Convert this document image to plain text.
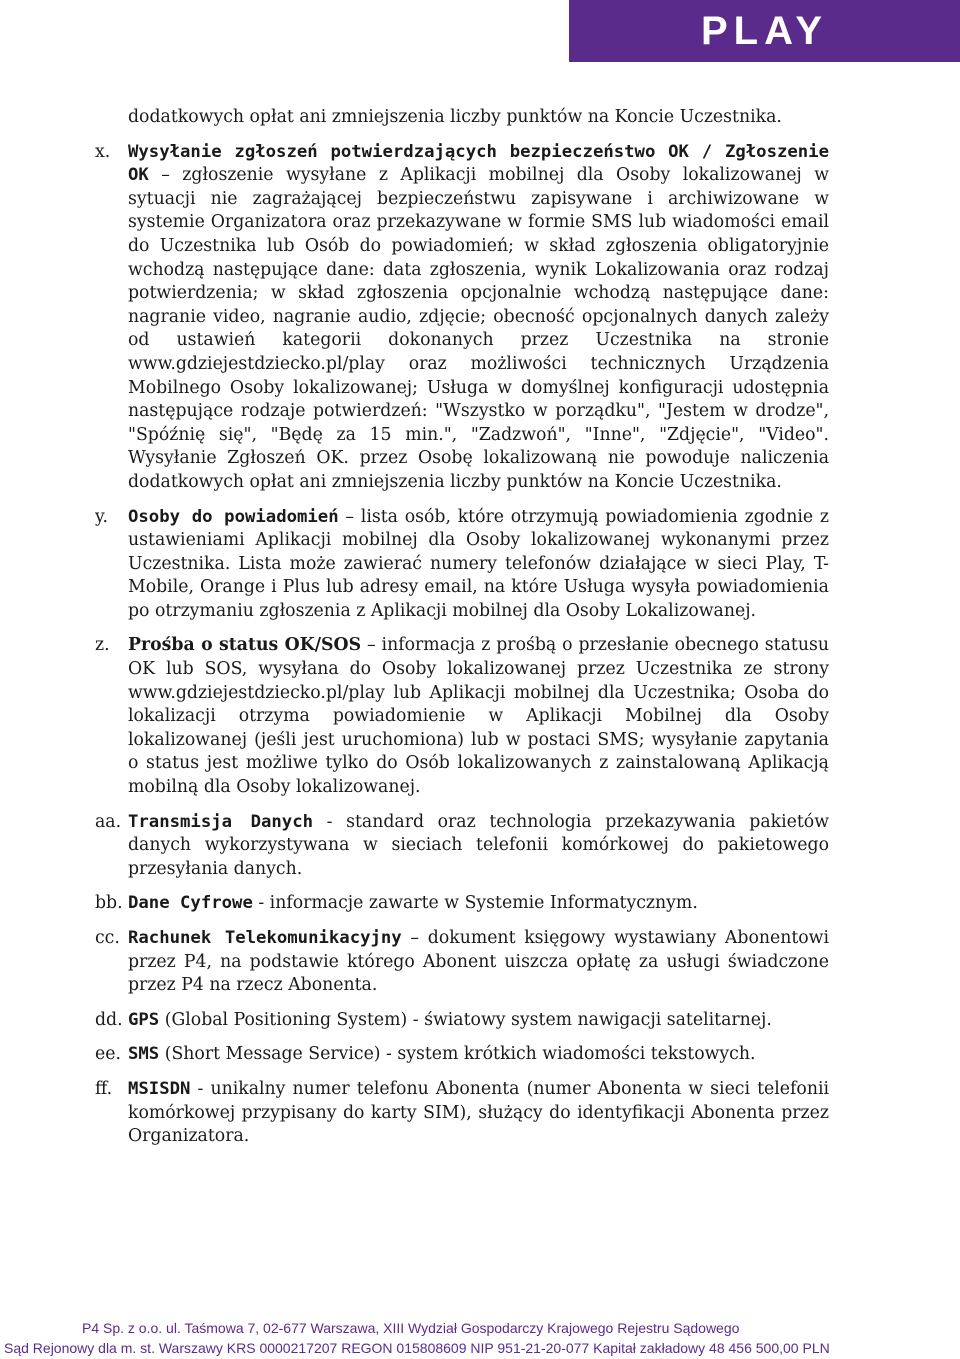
PLAY

dodatkowych opłat ani zmniejszenia liczby punktów na Koncie Uczestnika.

x.	Wysyłanie zgłoszeń potwierdzających bezpieczeństwo OK / Zgłoszenie OK – zgłoszenie wysyłane z Aplikacji mobilnej dla Osoby lokalizowanej w sytuacji nie zagrażającej bezpieczeństwu zapisywane i archiwizowane w systemie Organizatora oraz przekazywane w formie SMS lub wiadomości email do Uczestnika lub Osób do powiadomień; w skład zgłoszenia obligatoryjnie wchodzą następujące dane: data zgłoszenia, wynik Lokalizowania oraz rodzaj potwierdzenia; w skład zgłoszenia opcjonalnie wchodzą następujące dane: nagranie video, nagranie audio, zdjęcie; obecność opcjonalnych danych zależy od ustawień kategorii dokonanych przez Uczestnika na stronie www.gdziejestdziecko.pl/play oraz możliwości technicznych Urządzenia Mobilnego Osoby lokalizowanej; Usługa w domyślnej konfiguracji udostępnia następujące rodzaje potwierdzeń: "Wszystko w porządku", "Jestem w drodze", "Spóźnię się", "Będę za 15 min.", "Zadzwoń", "Inne", "Zdjęcie", "Video". Wysyłanie Zgłoszeń OK. przez Osobę lokalizowaną nie powoduje naliczenia dodatkowych opłat ani zmniejszenia liczby punktów na Koncie Uczestnika.
y.	Osoby do powiadomień – lista osób, które otrzymują powiadomienia zgodnie z ustawieniami Aplikacji mobilnej dla Osoby lokalizowanej wykonanymi przez Uczestnika. Lista może zawierać numery telefonów działające w sieci Play, T-Mobile, Orange i Plus lub adresy email, na które Usługa wysyła powiadomienia po otrzymaniu zgłoszenia z Aplikacji mobilnej dla Osoby Lokalizowanej.
z.	Prośba o status OK/SOS – informacja z prośbą o przesłanie obecnego statusu OK lub SOS, wysyłana do Osoby lokalizowanej przez Uczestnika ze strony www.gdziejestdziecko.pl/play lub Aplikacji mobilnej dla Uczestnika; Osoba do lokalizacji otrzyma powiadomienie w Aplikacji Mobilnej dla Osoby lokalizowanej (jeśli jest uruchomiona) lub w postaci SMS; wysyłanie zapytania o status jest możliwe tylko do Osób lokalizowanych z zainstalowaną Aplikacją mobilną dla Osoby lokalizowanej.
aa. Transmisja Danych - standard oraz technologia przekazywania pakietów danych wykorzystywana w sieciach telefonii komórkowej do pakietowego przesyłania danych.
bb. Dane Cyfrowe - informacje zawarte w Systemie Informatycznym.
cc. Rachunek Telekomunikacyjny – dokument księgowy wystawiany Abonentowi przez P4, na podstawie którego Abonent uiszcza opłatę za usługi świadczone przez P4 na rzecz Abonenta.
dd. GPS (Global Positioning System) - światowy system nawigacji satelitarnej.
ee. SMS (Short Message Service) - system krótkich wiadomości tekstowych.
ff. MSISDN - unikalny numer telefonu Abonenta (numer Abonenta w sieci telefonii komórkowej przypisany do karty SIM), służący do identyfikacji Abonenta przez Organizatora.
P4 Sp. z o.o. ul. Taśmowa 7, 02-677 Warszawa, XIII Wydział Gospodarczy Krajowego Rejestru Sądowego
Sąd Rejonowy dla m. st. Warszawy KRS 0000217207 REGON 015808609 NIP 951-21-20-077 Kapitał zakładowy 48 456 500,00 PLN
